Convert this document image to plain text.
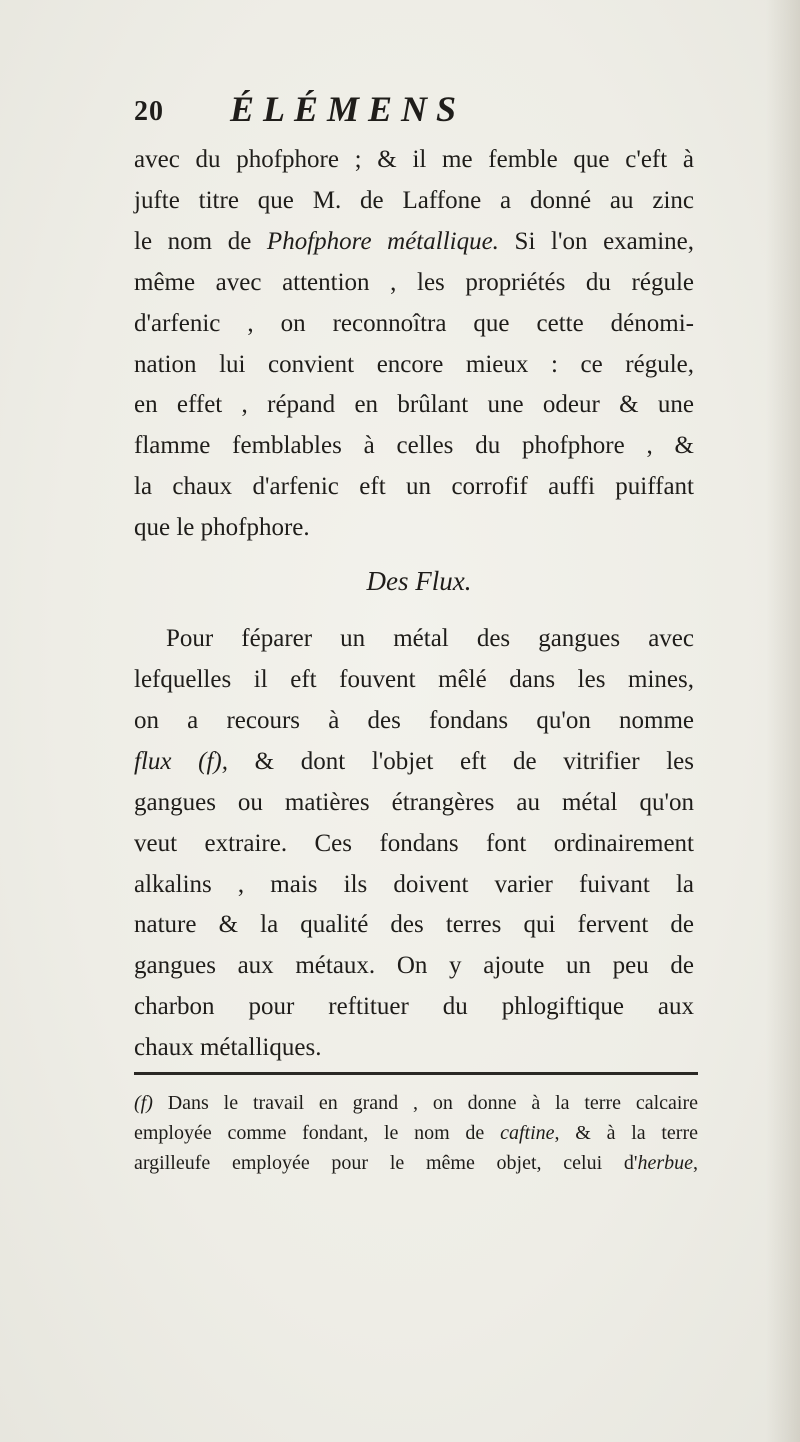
20 ÉLÉMENS
avec du phofphore ; & il me femble que c'eft à
jufte titre que M. de Laffone a donné au zinc
le nom de Phofphore métallique. Si l'on examine,
même avec attention , les propriétés du régule
d'arfenic , on reconnoîtra que cette dénomi-
nation lui convient encore mieux : ce régule,
en effet , répand en brûlant une odeur & une
flamme femblables à celles du phofphore , &
la chaux d'arfenic eft un corrofif auffi puiffant
que le phofphore.
Des Flux.
Pour féparer un métal des gangues avec
lefquelles il eft fouvent mêlé dans les mines,
on a recours à des fondans qu'on nomme
flux (f), & dont l'objet eft de vitrifier les
gangues ou matières étrangères au métal qu'on
veut extraire. Ces fondans font ordinairement
alkalins , mais ils doivent varier fuivant la
nature & la qualité des terres qui fervent de
gangues aux métaux. On y ajoute un peu de
charbon pour reftituer du phlogiftique aux
chaux métalliques.
(f) Dans le travail en grand , on donne à la terre calcaire
employée comme fondant, le nom de caftine, & à la terre
argilleufe employée pour le même objet, celui d'herbue,
